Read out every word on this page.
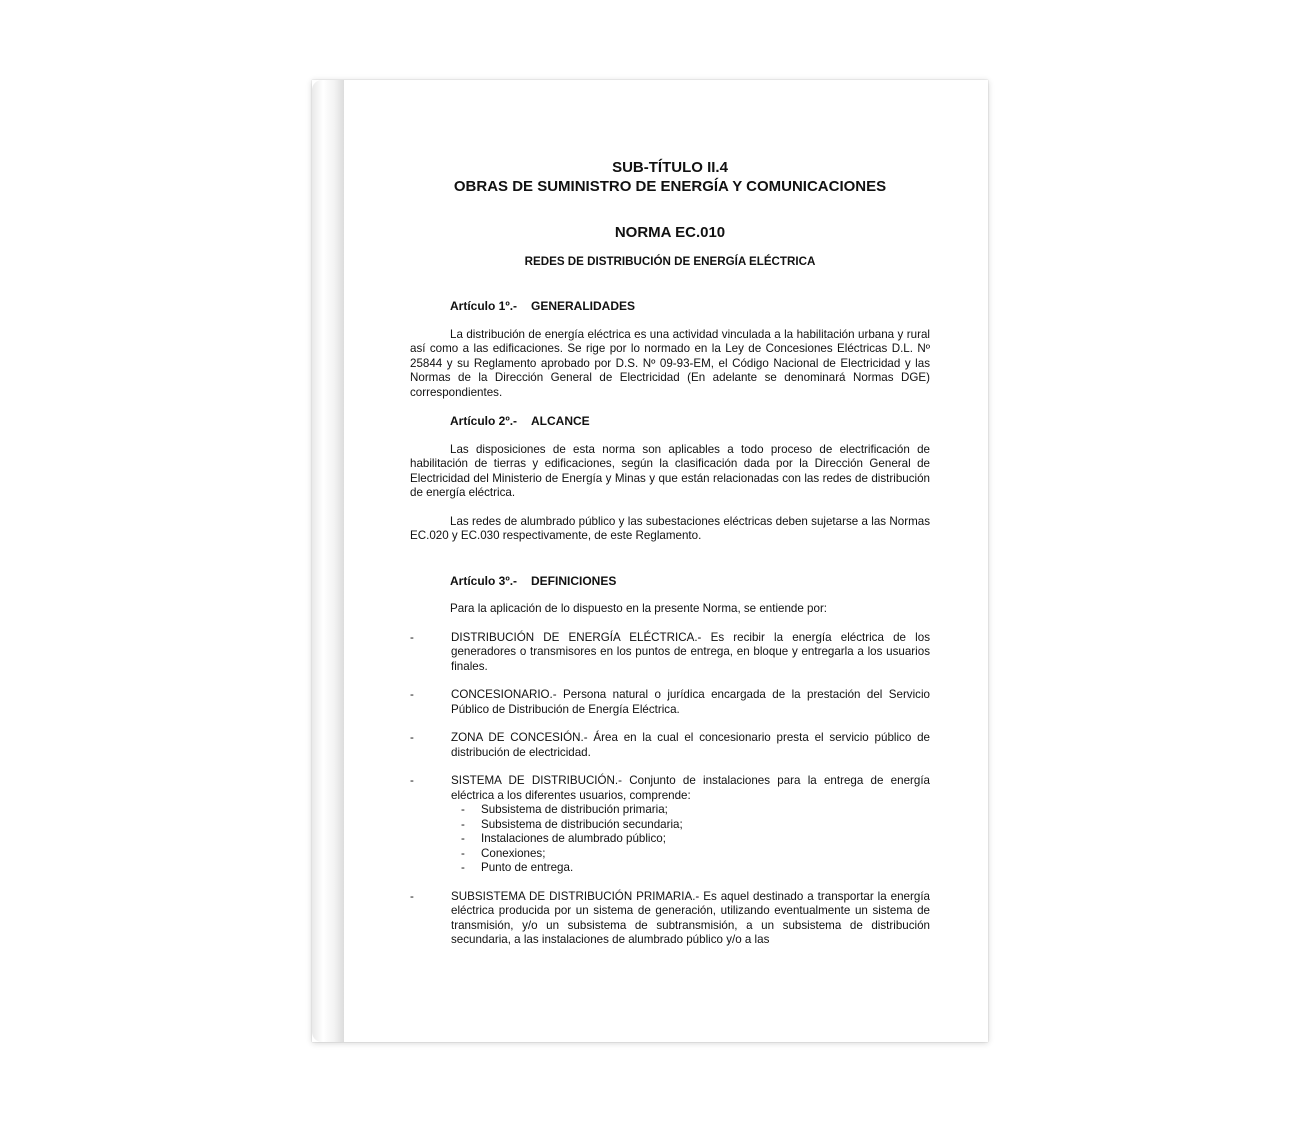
SUB-TÍTULO II.4
OBRAS DE SUMINISTRO DE ENERGÍA Y COMUNICACIONES
NORMA EC.010
REDES DE DISTRIBUCIÓN DE ENERGÍA ELÉCTRICA
Artículo 1º.- GENERALIDADES

La distribución de energía eléctrica es una actividad vinculada a la habilitación urbana y rural así como a las edificaciones. Se rige por lo normado en la Ley de Concesiones Eléctricas D.L. Nº 25844 y su Reglamento aprobado por D.S. Nº 09-93-EM, el Código Nacional de Electricidad y las Normas de la Dirección General de Electricidad (En adelante se denominará Normas DGE) correspondientes.

Artículo 2º.- ALCANCE

Las disposiciones de esta norma son aplicables a todo proceso de electrificación de habilitación de tierras y edificaciones, según la clasificación dada por la Dirección General de Electricidad del Ministerio de Energía y Minas y que están relacionadas con las redes de distribución de energía eléctrica.

Las redes de alumbrado público y las subestaciones eléctricas deben sujetarse a las Normas EC.020 y EC.030 respectivamente, de este Reglamento.

Artículo 3º.- DEFINICIONES

Para la aplicación de lo dispuesto en la presente Norma, se entiende por:

-	DISTRIBUCIÓN DE ENERGÍA ELÉCTRICA.- Es recibir la energía eléctrica de los generadores o transmisores en los puntos de entrega, en bloque y entregarla a los usuarios finales.
-	CONCESIONARIO.- Persona natural o jurídica encargada de la prestación del Servicio Público de Distribución de Energía Eléctrica.
-	ZONA DE CONCESIÓN.- Área en la cual el concesionario presta el servicio público de distribución de electricidad.
-	SISTEMA DE DISTRIBUCIÓN.- Conjunto de instalaciones para la entrega de energía eléctrica a los diferentes usuarios, comprende:
- Subsistema de distribución primaria;
- Subsistema de distribución secundaria;
- Instalaciones de alumbrado público;
- Conexiones;
- Punto de entrega.
-	SUBSISTEMA DE DISTRIBUCIÓN PRIMARIA.- Es aquel destinado a transportar la energía eléctrica producida por un sistema de generación, utilizando eventualmente un sistema de transmisión, y/o un subsistema de subtransmisión, a un subsistema de distribución secundaria, a las instalaciones de alumbrado público y/o a las
